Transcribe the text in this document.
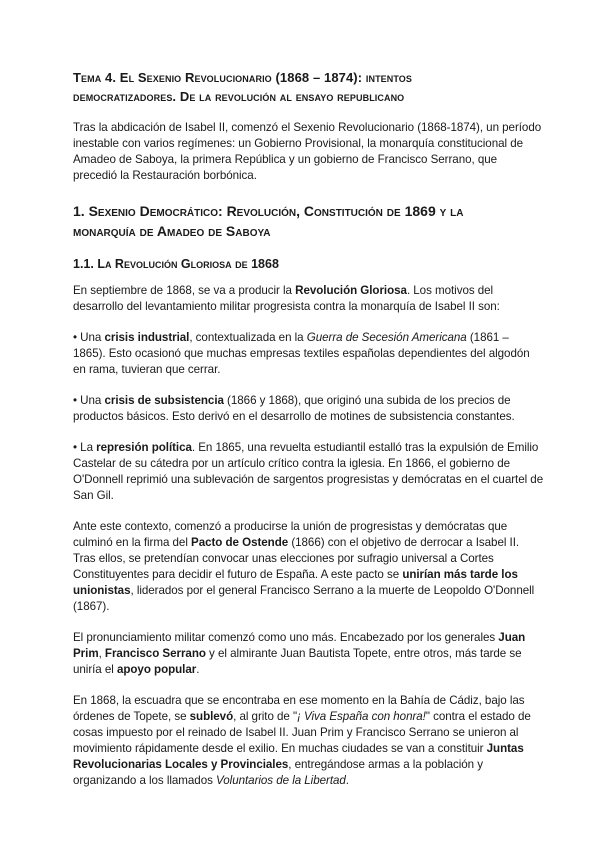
Tema 4. El Sexenio Revolucionario (1868 – 1874): intentos
democratizadores. De la revolución al ensayo republicano

Tras la abdicación de Isabel II, comenzó el Sexenio Revolucionario (1868-1874), un período inestable con varios regímenes: un Gobierno Provisional, la monarquía constitucional de Amadeo de Saboya, la primera República y un gobierno de Francisco Serrano, que precedió la Restauración borbónica.

1. Sexenio Democrático: Revolución, Constitución de 1869 y la
monarquía de Amadeo de Saboya
1.1. La Revolución Gloriosa de 1868

En septiembre de 1868, se va a producir la Revolución Gloriosa. Los motivos del desarrollo del levantamiento militar progresista contra la monarquía de Isabel II son:

• Una crisis industrial, contextualizada en la Guerra de Secesión Americana (1861 – 1865). Esto ocasionó que muchas empresas textiles españolas dependientes del algodón en rama, tuvieran que cerrar.

• Una crisis de subsistencia (1866 y 1868), que originó una subida de los precios de productos básicos. Esto derivó en el desarrollo de motines de subsistencia constantes.

• La represión política. En 1865, una revuelta estudiantil estalló tras la expulsión de Emilio Castelar de su cátedra por un artículo crítico contra la iglesia. En 1866, el gobierno de O'Donnell reprimió una sublevación de sargentos progresistas y demócratas en el cuartel de San Gil.

Ante este contexto, comenzó a producirse la unión de progresistas y demócratas que culminó en la firma del Pacto de Ostende (1866) con el objetivo de derrocar a Isabel II. Tras ellos, se pretendían convocar unas elecciones por sufragio universal a Cortes Constituyentes para decidir el futuro de España. A este pacto se unirían más tarde los unionistas, liderados por el general Francisco Serrano a la muerte de Leopoldo O'Donnell (1867).

El pronunciamiento militar comenzó como uno más. Encabezado por los generales Juan Prim, Francisco Serrano y el almirante Juan Bautista Topete, entre otros, más tarde se uniría el apoyo popular.

En 1868, la escuadra que se encontraba en ese momento en la Bahía de Cádiz, bajo las órdenes de Topete, se sublevó, al grito de "¡ Viva España con honra!" contra el estado de cosas impuesto por el reinado de Isabel II. Juan Prim y Francisco Serrano se unieron al movimiento rápidamente desde el exilio. En muchas ciudades se van a constituir Juntas Revolucionarias Locales y Provinciales, entregándose armas a la población y organizando a los llamados Voluntarios de la Libertad.
